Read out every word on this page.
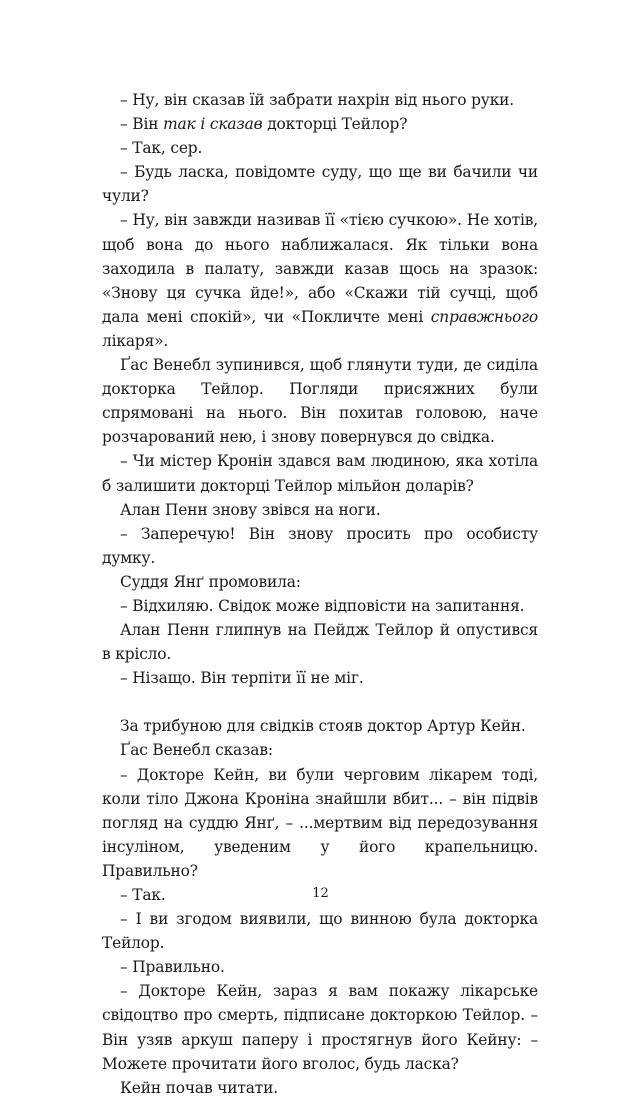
– Ну, він сказав їй забрати нахрін від нього руки.

– Він так і сказав докторці Тейлор?

– Так, сер.

– Будь ласка, повідомте суду, що ще ви бачили чи чули?

– Ну, він завжди називав її «тією сучкою». Не хотів, щоб вона до нього наближалася. Як тільки вона заходила в палату, завжди казав щось на зразок: «Знову ця сучка йде!», або «Скажи тій сучці, щоб дала мені спокій», чи «Покличте мені справжнього лікаря».

Ґас Венебл зупинився, щоб глянути туди, де сиділа докторка Тейлор. Погляди присяжних були спрямовані на нього. Він похитав головою, наче розчарований нею, і знову повернувся до свідка.

– Чи містер Кронін здався вам людиною, яка хотіла б залишити докторці Тейлор мільйон доларів?

Алан Пенн знову звівся на ноги.

– Заперечую! Він знову просить про особисту думку.

Суддя Янґ промовила:

– Відхиляю. Свідок може відповісти на запитання.

Алан Пенн глипнув на Пейдж Тейлор й опустився в крісло.

– Нізащо. Він терпіти її не міг.

За трибуною для свідків стояв доктор Артур Кейн.

Ґас Венебл сказав:

– Докторе Кейн, ви були черговим лікарем тоді, коли тіло Джона Кроніна знайшли вбит... – він підвів погляд на суддю Янґ, – ...мертвим від передозування інсуліном, уведеним у його крапельницю. Правильно?

– Так.

– І ви згодом виявили, що винною була докторка Тейлор.

– Правильно.

– Докторе Кейн, зараз я вам покажу лікарське свідоцтво про смерть, підписане докторкою Тейлор. – Він узяв аркуш паперу і простягнув його Кейну: – Можете прочитати його вголос, будь ласка?

Кейн почав читати.

12
